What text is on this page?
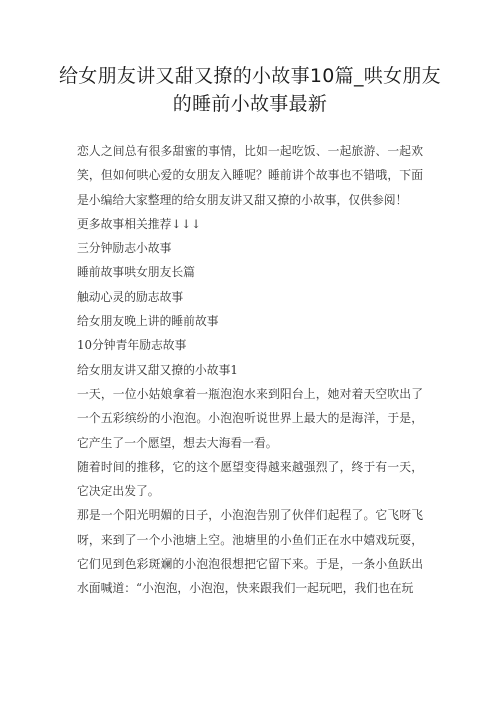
给女朋友讲又甜又撩的小故事10篇_哄女朋友的睡前小故事最新

恋人之间总有很多甜蜜的事情，比如一起吃饭、一起旅游、一起欢笑，但如何哄心爱的女朋友入睡呢？睡前讲个故事也不错哦，下面是小编给大家整理的给女朋友讲又甜又撩的小故事，仅供参阅！

更多故事相关推荐↓↓↓

三分钟励志小故事

睡前故事哄女朋友长篇

触动心灵的励志故事

给女朋友晚上讲的睡前故事

10分钟青年励志故事

给女朋友讲又甜又撩的小故事1

一天，一位小姑娘拿着一瓶泡泡水来到阳台上，她对着天空吹出了一个五彩缤纷的小泡泡。小泡泡听说世界上最大的是海洋，于是，它产生了一个愿望，想去大海看一看。

随着时间的推移，它的这个愿望变得越来越强烈了，终于有一天，它决定出发了。

那是一个阳光明媚的日子，小泡泡告别了伙伴们起程了。它飞呀飞呀，来到了一个小池塘上空。池塘里的小鱼们正在水中嬉戏玩耍，它们见到色彩斑斓的小泡泡很想把它留下来。于是，一条小鱼跃出水面喊道：“小泡泡，小泡泡，快来跟我们一起玩吧，我们也在玩
